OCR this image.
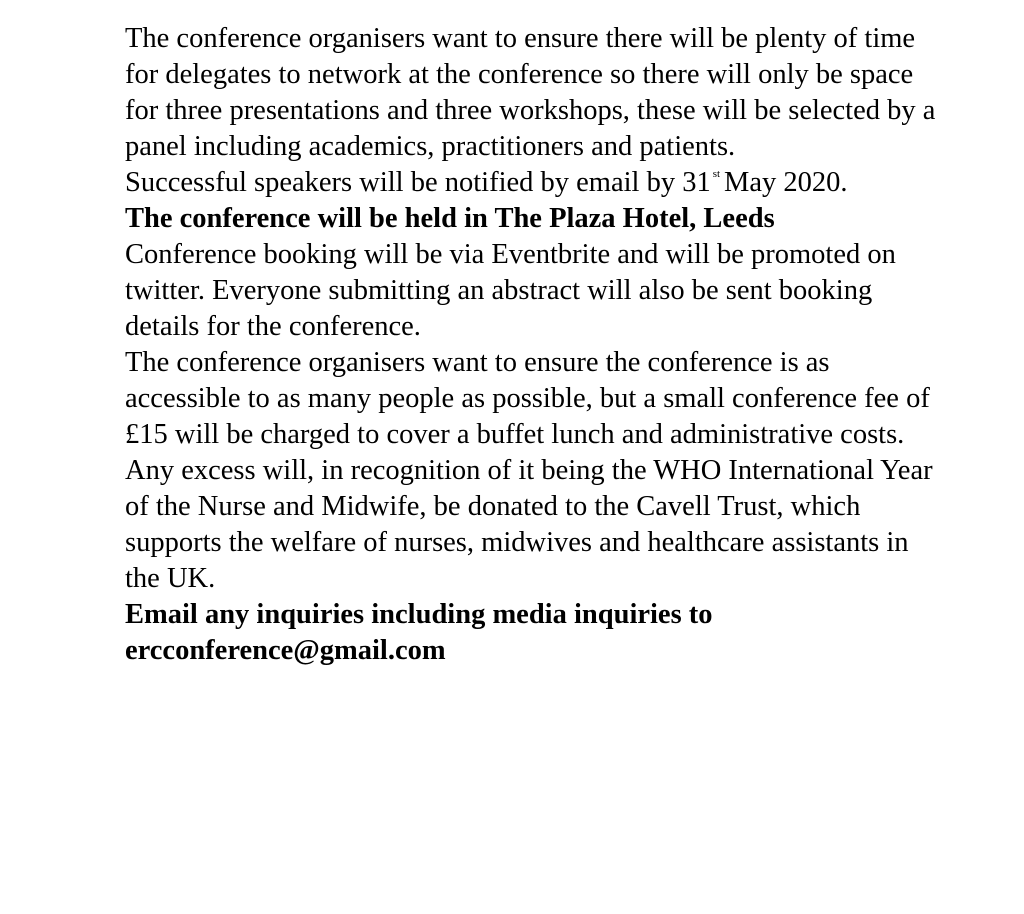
The conference organisers want to ensure there will be plenty of time for delegates to network at the conference so there will only be space for three presentations and three workshops, these will be selected by a panel including academics, practitioners and patients.

Successful speakers will be notified by email by 31 $^{st}$ May 2020.

The conference will be held in The Plaza Hotel, Leeds

Conference booking will be via Eventbrite and will be promoted on twitter. Everyone submitting an abstract will also be sent booking details for the conference.

The conference organisers want to ensure the conference is as accessible to as many people as possible, but a small conference fee of £15 will be charged to cover a buffet lunch and administrative costs. Any excess will, in recognition of it being the WHO International Year of the Nurse and Midwife, be donated to the Cavell Trust, which supports the welfare of nurses, midwives and healthcare assistants in the UK.

Email any inquiries including media inquiries to

ercconference@gmail.com
